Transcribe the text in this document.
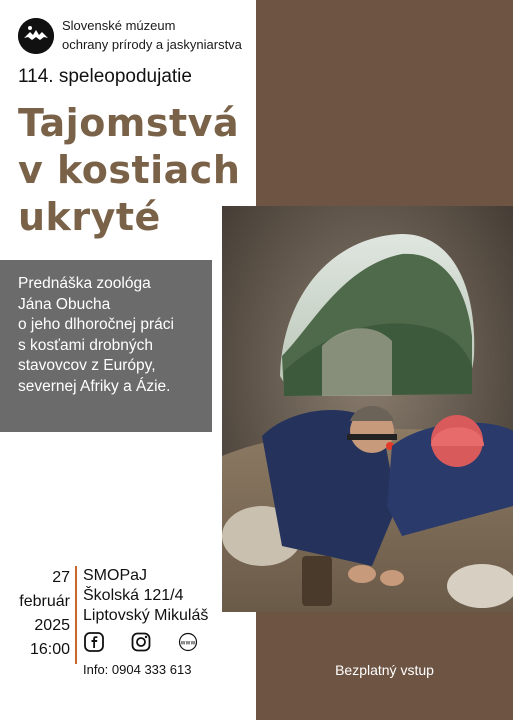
Slovenské múzeum
ochrany prírody a jaskyniarstva
114. speleopodujatie
Tajomstvá
v kostiach
ukryté
Prednáška zoológa
Jána Obucha
o jeho dlhoročnej práci
s kosťami drobných
stavovcov z Európy,
severnej Afriky a Ázie.
27
február
2025
16:00
SMOPaJ
Školská 121/4
Liptovský Mikuláš
www
Info: 0904 333 613	Bezplatný vstup
